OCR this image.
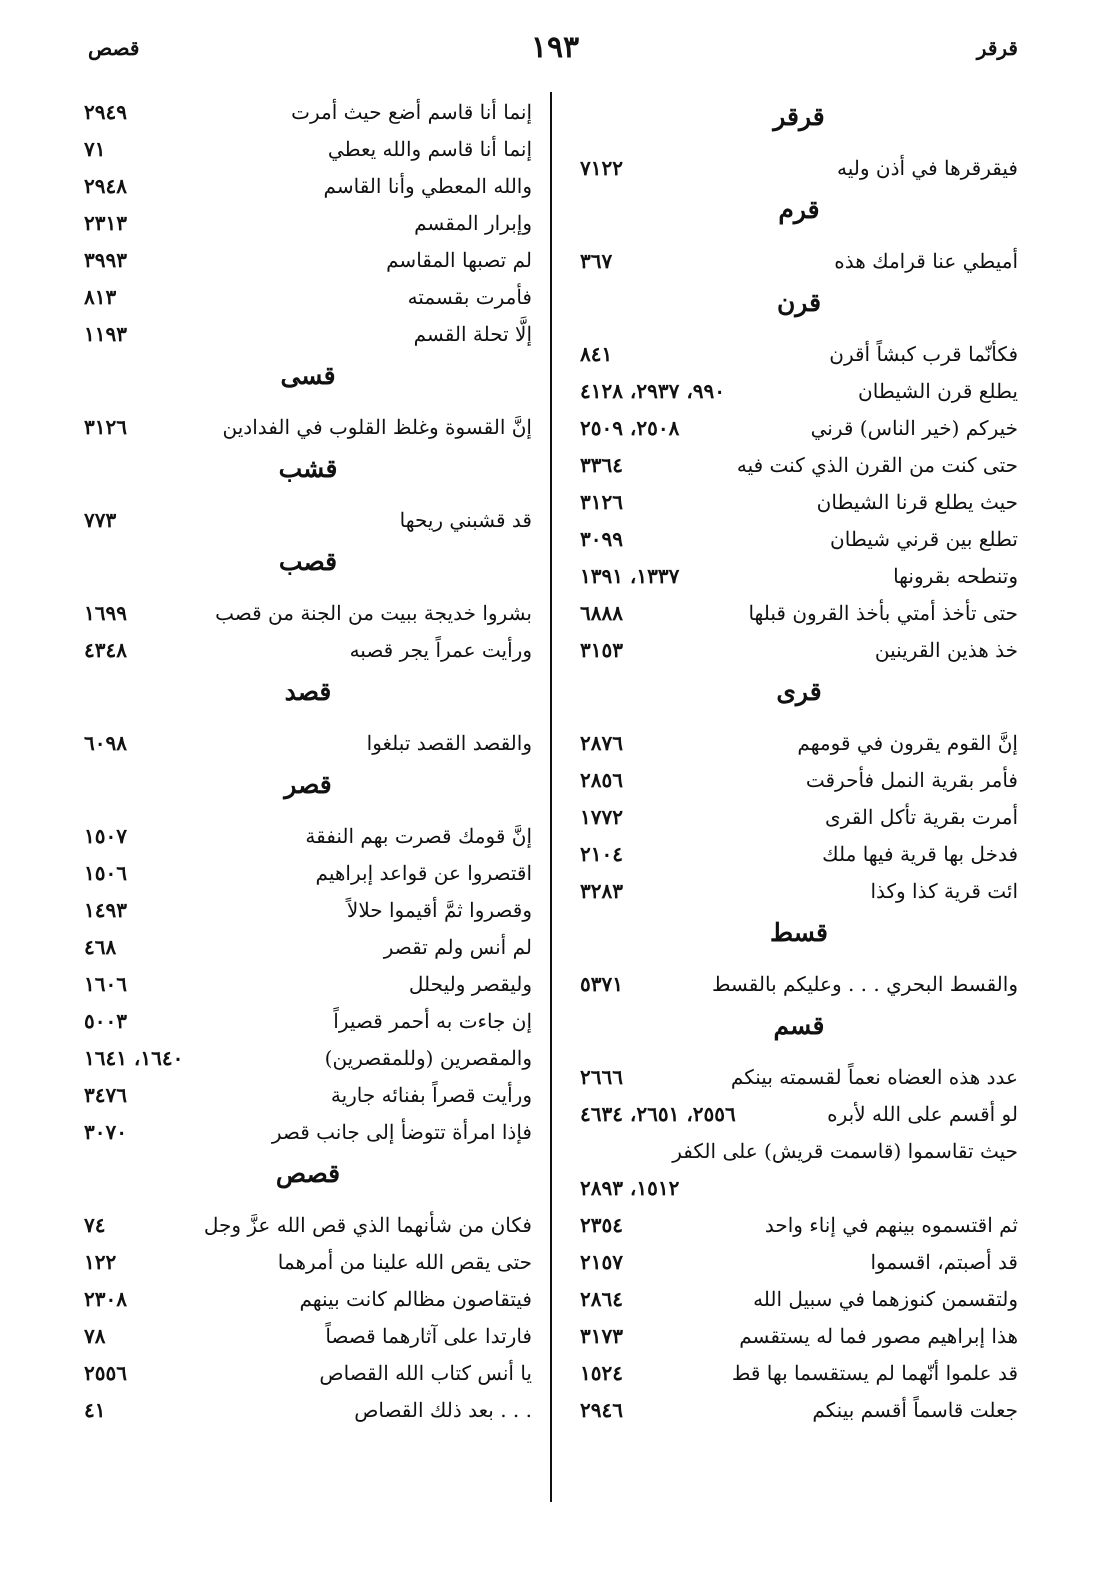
قرقر
١٩٣
قصص
قرقر
فيقرقرها في أذن وليه
٧١٢٢
قرم
أميطي عنا قرامك هذه
٣٦٧
قرن
فكأنّما قرب كبشاً أقرن
٨٤١
يطلع قرن الشيطان
٩٩٠، ٢٩٣٧، ٤١٢٨
خيركم (خير الناس) قرني
٢٥٠٨، ٢٥٠٩
حتى كنت من القرن الذي كنت فيه
٣٣٦٤
حيث يطلع قرنا الشيطان
٣١٢٦
تطلع بين قرني شيطان
٣٠٩٩
وتنطحه بقرونها
١٣٣٧، ١٣٩١
حتى تأخذ أمتي بأخذ القرون قبلها
٦٨٨٨
خذ هذين القرينين
٣١٥٣
قرى
إنَّ القوم يقرون في قومهم
٢٨٧٦
فأمر بقرية النمل فأحرقت
٢٨٥٦
أمرت بقرية تأكل القرى
١٧٧٢
فدخل بها قرية فيها ملك
٢١٠٤
ائت قرية كذا وكذا
٣٢٨٣
قسط
والقسط البحري . . . وعليكم بالقسط
٥٣٧١
قسم
عدد هذه العضاه نعماً لقسمته بينكم
٢٦٦٦
لو أقسم على الله لأبره
٢٥٥٦، ٢٦٥١، ٤٦٣٤
حيث تقاسموا (قاسمت قريش) على الكفر
١٥١٢، ٢٨٩٣
ثم اقتسموه بينهم في إناء واحد
٢٣٥٤
قد أصبتم، اقسموا
٢١٥٧
ولتقسمن كنوزهما في سبيل الله
٢٨٦٤
هذا إبراهيم مصور فما له يستقسم
٣١٧٣
قد علموا أنّهما لم يستقسما بها قط
١٥٢٤
جعلت قاسماً أقسم بينكم
٢٩٤٦
إنما أنا قاسم أضع حيث أمرت
٢٩٤٩
إنما أنا قاسم والله يعطي
٧١
والله المعطي وأنا القاسم
٢٩٤٨
وإبرار المقسم
٢٣١٣
لم تصبها المقاسم
٣٩٩٣
فأمرت بقسمته
٨١٣
إلَّا تحلة القسم
١١٩٣
قسى
إنَّ القسوة وغلظ القلوب في الفدادين
٣١٢٦
قشب
قد قشبني ريحها
٧٧٣
قصب
بشروا خديجة ببيت من الجنة من قصب
١٦٩٩
ورأيت عمراً يجر قصبه
٤٣٤٨
قصد
والقصد القصد تبلغوا
٦٠٩٨
قصر
إنَّ قومك قصرت بهم النفقة
١٥٠٧
اقتصروا عن قواعد إبراهيم
١٥٠٦
وقصروا ثمَّ أقيموا حلالاً
١٤٩٣
لم أنس ولم تقصر
٤٦٨
وليقصر وليحلل
١٦٠٦
إن جاءت به أحمر قصيراً
٥٠٠٣
والمقصرين (وللمقصرين)
١٦٤٠، ١٦٤١
ورأيت قصراً بفنائه جارية
٣٤٧٦
فإذا امرأة تتوضأ إلى جانب قصر
٣٠٧٠
قصص
فكان من شأنهما الذي قص الله عزَّ وجل
٧٤
حتى يقص الله علينا من أمرهما
١٢٢
فيتقاصون مظالم كانت بينهم
٢٣٠٨
فارتدا على آثارهما قصصاً
٧٨
يا أنس كتاب الله القصاص
٢٥٥٦
. . . بعد ذلك القصاص
٤١
